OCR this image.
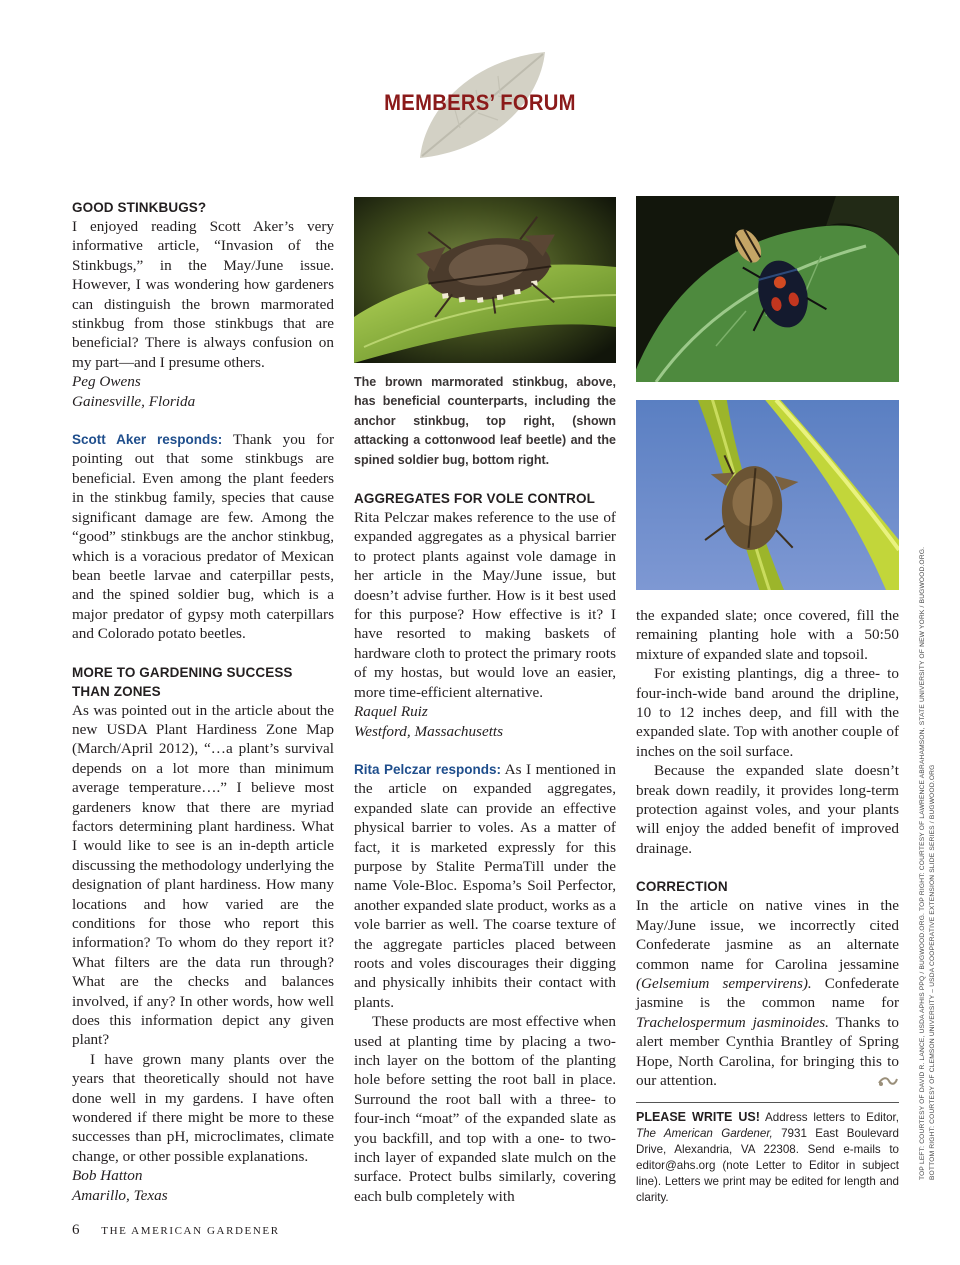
MEMBERS’ FORUM
GOOD STINKBUGS?

I enjoyed reading Scott Aker’s very informative article, “Invasion of the Stinkbugs,” in the May/June issue. However, I was wondering how gardeners can distinguish the brown marmorated stinkbug from those stinkbugs that are beneficial? There is always confusion on my part—and I presume others.

Peg Owens

Gainesville, Florida

Scott Aker responds: Thank you for pointing out that some stinkbugs are beneficial. Even among the plant feeders in the stinkbug family, species that cause significant damage are few. Among the “good” stinkbugs are the anchor stinkbug, which is a voracious predator of Mexican bean beetle larvae and caterpillar pests, and the spined soldier bug, which is a major predator of gypsy moth caterpillars and Colorado potato beetles.

MORE TO GARDENING SUCCESS
THAN ZONES

As was pointed out in the article about the new USDA Plant Hardiness Zone Map (March/April 2012), “…a plant’s survival depends on a lot more than minimum average temperature….” I believe most gardeners know that there are myriad factors determining plant hardiness. What I would like to see is an in-depth article discussing the methodology underlying the designation of plant hardiness. How many locations and how varied are the conditions for those who report this information? To whom do they report it? What filters are the data run through? What are the checks and balances involved, if any? In other words, how well does this information depict any given plant?

I have grown many plants over the years that theoretically should not have done well in my gardens. I have often wondered if there might be more to these successes than pH, microclimates, climate change, or other possible explanations.

Bob Hatton

Amarillo, Texas

The brown marmorated stinkbug, above, has beneficial counterparts, including the anchor stinkbug, top right, (shown attacking a cottonwood leaf beetle) and the spined soldier bug, bottom right.

AGGREGATES FOR VOLE CONTROL

Rita Pelczar makes reference to the use of expanded aggregates as a physical barrier to protect plants against vole damage in her article in the May/June issue, but doesn’t advise further. How is it best used for this purpose? How effective is it? I have resorted to making baskets of hardware cloth to protect the primary roots of my hostas, but would love an easier, more time-efficient alternative.

Raquel Ruiz

Westford, Massachusetts

Rita Pelczar responds: As I mentioned in the article on expanded aggregates, expanded slate can provide an effective physical barrier to voles. As a matter of fact, it is marketed expressly for this purpose by Stalite PermaTill under the name Vole-Bloc. Espoma’s Soil Perfector, another expanded slate product, works as a vole barrier as well. The coarse texture of the aggregate particles placed between roots and voles discourages their digging and physically inhibits their contact with plants.

These products are most effective when used at planting time by placing a two-inch layer on the bottom of the planting hole before setting the root ball in place. Surround the root ball with a three- to four-inch “moat” of the expanded slate as you backfill, and top with a one- to two-inch layer of expanded slate mulch on the surface. Protect bulbs similarly, covering each bulb completely with

the expanded slate; once covered, fill the remaining planting hole with a 50:50 mixture of expanded slate and topsoil.

For existing plantings, dig a three- to four-inch-wide band around the dripline, 10 to 12 inches deep, and fill with the expanded slate. Top with another couple of inches on the soil surface.

Because the expanded slate doesn’t break down readily, it provides long-term protection against voles, and your plants will enjoy the added benefit of improved drainage.

CORRECTION

In the article on native vines in the May/June issue, we incorrectly cited Confederate jasmine as an alternate common name for Carolina jessamine (Gelsemium sempervirens). Confederate jasmine is the common name for Trachelospermum jasminoides. Thanks to alert member Cynthia Brantley of Spring Hope, North Carolina, for bringing this to our attention.

PLEASE WRITE US! Address letters to Editor, The American Gardener, 7931 East Boulevard Drive, Alexandria, VA 22308. Send e-mails to editor@ahs.org (note Letter to Editor in subject line). Letters we print may be edited for length and clarity.
TOP LEFT: COURTESY OF DAVID R. LANCE, USDA APHIS PPQ / BUGWOOD.ORG. TOP RIGHT: COURTESY OF LAWRENCE ABRAHAMSON, STATE UNIVERSITY OF NEW YORK / BUGWOOD.ORG. BOTTOM RIGHT: COURTESY OF CLEMSON UNIVERSITY – USDA COOPERATIVE EXTENSION SLIDE SERIES / BUGWOOD.ORG
6 THE AMERICAN GARDENER
